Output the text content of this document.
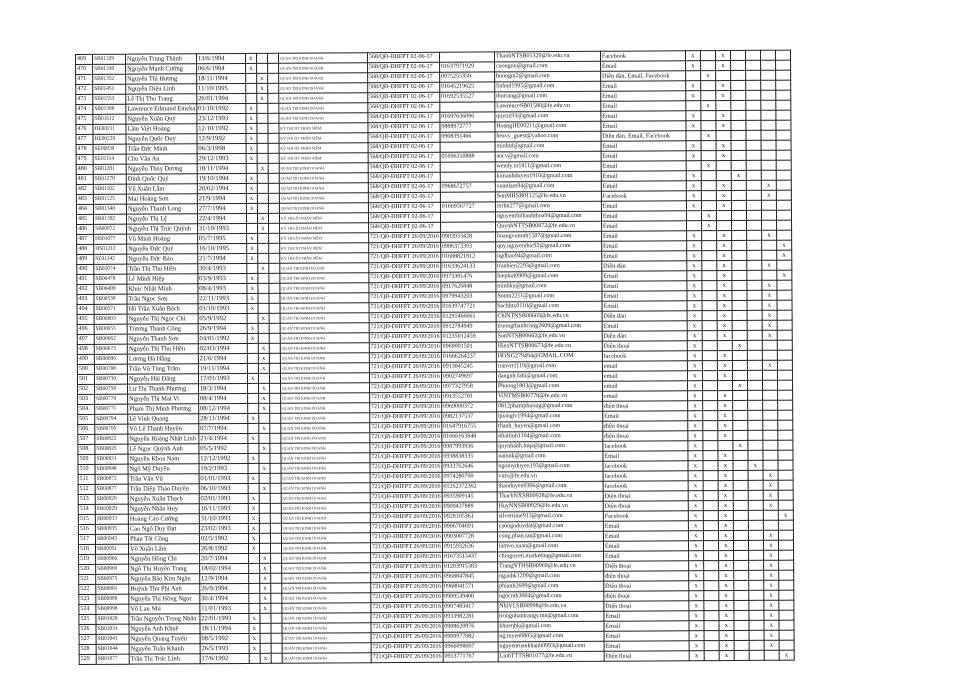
469	SB01329	Nguyễn Trung Thành	13/6/1994	x			QUẢN TRỊ KINH DOANH	568/QĐ-ĐHFPT 02-06-17		ThanhNTSB01329@fe.edu.vn	Facebook	x		x				
470	SB01330	Nguyễn Mạnh Cường	06/6/1994	x			QUẢN TRỊ KINH DOANH	568/QĐ-ĐHFPT 02-06-17	01637971929	cuongnn@gmail.com	Email	x		x				
471	SB01352	Nguyễn Thị Hương	18/11/1994		x		QUẢN TRỊ KINH DOANH	568/QĐ-ĐHFPT 02-06-17	0975255350	huongnt2@gmail.com	Diễn đàn, Email, Facebook		x					
472	SB01451	Nguyễn Diệu Linh	11/10/1995		x		QUẢN TRỊ KINH DOANH	568/QĐ-ĐHFPT 02-06-17	01645219625	linhnd1995@gmail.com	Email	x		x				
473	SB01553	Lê Thị Thu Trang	26/01/1994		x		QUẢN TRỊ KINH DOANH	568/QĐ-ĐHFPT 02-06-17	01692535527	thutrang@gmail.com	Email	x		x				
474	SB01580	Lawrence Edmund Emeka	01/10/1992	x			QUẢN TRỊ KINH DOANH	568/QĐ-ĐHFPT 02-06-17		LawrenceSB01580@fe.edu.vn	Email		x					
475	SB01612	Nguyễn Xuân Quý	23/12/1993	x			QUẢN TRỊ KINH DOANH	568/QĐ-ĐHFPT 02-06-17	01697636096	quynx93@gmail.com	Email	x		x				
476	HE00211	Lâm Việt Hoàng	12/10/1992	x			KỸ THUẬT PHẦN MỀM	568/QĐ-ĐHFPT 02-06-17	0888972777	HoangHE00211@gmail.com	Email	x		x				
477	HE00228	Nguyễn Quốc Duy	12/9/1992	x			KỸ THUẬT PHẦN MỀM	568/QĐ-ĐHFPT 02-06-17	0908391466	heavy_guest@yahoo.com	Diễn đàn, Email, Facebook		x					
478	SE00939	Trần Đức Minh	06/3/1998	x			KỸ THUẬT PHẦN MỀM	568/QĐ-ĐHFPT 02-06-17		minhtd@gmail.com	Email	x		x				
479	SE01114	Chu Văn An	29/12/1993	x			KỸ THUẬT PHẦN MỀM	568/QĐ-ĐHFPT 02-06-17	01696310888	ancv@gmail.com	Email	x		x				
480	SB01281	Nguyễn Thùy Dương	18/11/1994		x		QUẢN TRỊ KINH DOANH	568/QĐ-ĐHFPT 02-06-17		wendy.nt1811@gmail.com	Email		x					
481	SB01270	Đinh Quốc Quý	19/10/1994	x			QUẢN TRỊ KINH DOANH	568/QĐ-ĐHFPT 02-06-17		kimanhduyen1910@gmail.com	Email	x			x			
482	SB01102	Vũ Xuân Lâm	20/02/1994	x			QUẢN TRỊ KINH DOANH	568/QĐ-ĐHFPT 02-06-17	0968672757	xuanlam94@gmail.com	Email	x		x			x	
483	SB01125	Mai Hoàng Sơn	21/9/1994	x			QUẢN TRỊ KINH DOANH	568/QĐ-ĐHFPT 02-06-17		SonMHSB01125@fe.edu.vn	Facebook	x		x			x	
484	SB01340	Nguyễn Thanh Long	27/7/1994	x			QUẢN TRỊ KINH DOANH	568/QĐ-ĐHFPT 02-06-17	01669567727	mrlnt277@gmail.com	Email	x		x				
485	SB01392	Nguyễn Thị Lệ	22/4/1994		x		KỸ THUẬT PHẦN MỀM	568/QĐ-ĐHFPT 02-06-17		nguyenthithanhthoa94@gmail.com	Email		x					
486	SB00872	Nguyễn Thị Trúc Quỳnh	31/10/1993		x		KỸ THUẬT PHẦN MỀM	568/QĐ-ĐHFPT 02-06-17		QuynhNTTSB00872@fe.edu.vn	Email		x					
487	HS01077	Vũ Minh Hoàng	05/7/1995	x			KỸ THUẬT PHẦN MỀM	721/QĐ-ĐHFPT 26/09/2016	0903933428	hoangvumnh1507@gmail.com	Email	x		x			x	
488	HS01212	Nguyễn Đức Quý	16/10/1995	x			KỸ THUẬT PHẦN MỀM	721/QĐ-ĐHFPT 26/09/2016	0906373393	quy.nguyenduc92@gmail.com	Email	x		x				x
489	SE01142	Nguyễn Đức Bảo	21/7/1994	x			KỸ THUẬT PHẦN MỀM	721/QĐ-ĐHFPT 26/09/2016	01688821812	ngdbao94@gmail.com	Email	x		x				x
490	SB01074	Trần Thị Thu Hiền	30/4/1993		x		QUẢN TRỊ KINH DOANH	721/QĐ-ĐHFPT 26/09/2016	01633624133	tranhien2293@gmail.com	Diễn đàn	x		x			x	
491	SB00478	Lê Minh Hiệp	03/9/1993	x			QUẢN TRỊ KINH DOANH	721/QĐ-ĐHFPT 26/09/2016	0973381476	hiephnl0909@gmail.com	Email	x		x				x
492	SB00499	Khúc Nhật Minh	08/4/1993	x			QUẢN TRỊ KINH DOANH	721/QĐ-ĐHFPT 26/09/2016	0917626848	minhkn@gmail.com	Email	x		x			x	
493	SB00538	Trần Ngọc Sơn	22/11/1993	x			QUẢN TRỊ KINH DOANH	721/QĐ-ĐHFPT 26/09/2016	0979943203	Sontn2211@gmail.com	Email	x		x			x	
494	SB00571	Hồ Trần Xuân Bách	01/10/1993	x			QUẢN TRỊ KINH DOANH	721/QĐ-ĐHFPT 26/09/2016	01639747721	bachhtx0110@gmail.com	Email	x		x			x	
495	SB00603	Nguyễn Thị Ngọc Chi	05/9/1992		x		QUẢN TRỊ KINH DOANH	721/QĐ-ĐHFPT 26/09/2016	01291466061	ChiNTNSB00603@fe.edu.vn	Diễn đàn	x		x			x	
496	SB00653	Trương Thanh Công	26/9/1994	x			QUẢN TRỊ KINH DOANH	721/QĐ-ĐHFPT 26/09/2016	0912784949	truongthanhcong2609@gmail.com	Email	x		x			x	
497	SB00662	Nguyễn Thanh Sơn	04/01/1992	x			QUẢN TRỊ KINH DOANH	721/QĐ-ĐHFPT 26/09/2016	01235012459	SonNTSB00662@fe.edu.vn	Diễn đàn	x		x			x	
498	SB00673	Nguyễn Thị Thu Hiền	02/03/1994		x		QUẢN TRỊ KINH DOANH	721/QĐ-ĐHFPT 26/09/2016	0969001501	HienNTTSB00673@fe.edu.vn	Điện thoại	x			x			
499	SB00696	Lương Hà Hằng	21/6/1994		x		QUẢN TRỊ KINH DOANH	721/QĐ-ĐHFPT 26/09/2016	01666264237	HONG279494@GMAIL.COM	facebook	x		x				
500	SB00708	Trần Vũ Tùng Trâm	19/11/1994		x		QUẢN TRỊ KINH DOANH	721/QĐ-ĐHFPT 26/09/2016	0913845245	tranvtt1119@gmail.com	email	x		x			x	
501	SB00730	Nguyễn Hải Đăng	17/01/1993	x			QUẢN TRỊ KINH DOANH	721/QĐ-ĐHFPT 26/09/2016	0902749697	dangnh.fahi@gmail.com	email	x		x				
502	SB00758	Lư Thị Thanh Phương	18/3/1994		x		QUẢN TRỊ KINH DOANH	721/QĐ-ĐHFPT 26/09/2016	0977327958	Phuong1803@gmail.com	email	x			x			
503	SB00770	Nguyễn Thị Mai Vi	08/4/1994		x		QUẢN TRỊ KINH DOANH	721/QĐ-ĐHFPT 26/09/2016	0913552781	ViNTMSB00770@fe.edu.vn	email	x		x				
504	SB00771	Phạm Thị Minh Phương	08/12/1994		x		QUẢN TRỊ KINH DOANH	721/QĐ-ĐHFPT 26/09/2016	0969000372	0812phamphuong@gmail.com	điện thoại	x		x				
505	SB00794	Lê Vinh Quang	28/11/1994	x			QUẢN TRỊ KINH DOANH	721/QĐ-ĐHFPT 26/09/2016	0982137537	quanglv1994@gmail.com	Email	x		x				
506	SB00795	Võ Lê Thanh Huyền	07/7/1994		x		QUẢN TRỊ KINH DOANH	721/QĐ-ĐHFPT 26/09/2016	01647916755	thanh_huyen@gmail.com	điện thoại	x		x				
507	SB00822	Nguyễn Hoàng Nhật Linh	21/4/1994	x			QUẢN TRỊ KINH DOANH	721/QĐ-ĐHFPT 26/09/2016	01666163848	nhatlinh1104@gmail.com	điện thoại	x		x				
508	SB00825	Lê Ngọc Quỳnh Anh	05/5/1992		x		QUẢN TRỊ KINH DOANH	721/QĐ-ĐHFPT 26/09/2016	0987993936	quynhanh.lnqa@gmail.com	facebook	x			x			
509	SB00831	Nguyễn Khoa Nam	12/12/1992	x			QUẢN TRỊ KINH DOANH	721/QĐ-ĐHFPT 26/09/2016	0938838335	namnk@gmail.com	Email	x		x				
510	SB00848	Ngô Mỹ Duyên	19/2/1993		x		QUẢN TRỊ KINH DOANH	721/QĐ-ĐHFPT 26/09/2016	0933762646	ngomyduyen193@gmail.com	facebook	x		x		x		
511	SB00872	Trần Văn Vũ	01/01/1993	x			QUẢN TRỊ KINH DOANH	721/QĐ-ĐHFPT 26/09/2016	0974280700	vutv@fe.edu.vn	facebook	x		x			x	
512	SB00877	Trần Diệp Thảo Duyên	06/10/1993		x		QUẢN TRỊ KINH DOANH	721/QĐ-ĐHFPT 26/09/2016	01262372362	thaoduyen0306@gmail.com	facebook	x		x			x	
513	SB00928	Nguyễn Xuân Thạch	02/01/1993	x			QUẢN TRỊ KINH DOANH	721/QĐ-ĐHFPT 26/09/2016	0935909145	ThachNXSB00928@fe.edu.vn	Điện thoại	x		x			x	
514	SB00929	Nguyễn Nhân Huy	16/11/1993	x			QUẢN TRỊ KINH DOANH	721/QĐ-ĐHFPT 26/09/2016	0909437889	HuyNNSB00929@fe.edu.vn	Điện thoại	x		x			x	
515	SB00933	Hoàng Cao Cường	31/10/1993	x			QUẢN TRỊ KINH DOANH	721/QĐ-ĐHFPT 26/09/2016	0928105361	silvertime913@gmail.com	Facebook	x		x				x
516	SB00935	Cao Ngô Duy Đạt	23/02/1993	x			QUẢN TRỊ KINH DOANH	721/QĐ-ĐHFPT 26/09/2016	0906704691	caongoduydat@gmail.com	Email	x		x				
517	SB00943	Phan Tất Công	02/5/1992	x			QUẢN TRỊ KINH DOANH	721/QĐ-ĐHFPT 26/09/2016	0903007728	cong.phan.tat@gmail.com	Email	x		x			x	
518	SB00951	Võ Xuân Lâm	26/8/1992	x			QUẢN TRỊ KINH DOANH	721/QĐ-ĐHFPT 26/09/2016	0915932636	lamvo.xuan@gmail.com	Email	x		x			x	
519	SB00966	Nguyễn Hồng Chi	20/7/1994		x		QUẢN TRỊ KINH DOANH	721/QĐ-ĐHFPT 26/09/2016	01673515437	chinguyen.marketing@gmail.com	Email	x		x			x	
520	SB00969	Ngô Thị Huyền Trang	18/02/1994		x		QUẢN TRỊ KINH DOANH	721/QĐ-ĐHFPT 26/09/2016	01203915383	TrangNTHSB00969@fe.edu.vn	Điện thoại	x		x			x	
521	SB00975	Nguyễn Bảo Kim Ngân	12/9/1994		x		QUẢN TRỊ KINH DOANH	721/QĐ-ĐHFPT 26/09/2016	0968847845	nganbk1209@gmail.com	điện thoại	x		x			x	
522	SB00981	Huỳnh Thu Phi Anh	26/9/1994		x		QUẢN TRỊ KINH DOANH	721/QĐ-ĐHFPT 26/09/2016	0968041571	phianh2609@gmail.com	Điện thoại	x		x			x	
523	SB00988	Nguyễn Thị Hồng Ngọc	30/4/1994		x		QUẢN TRỊ KINH DOANH	721/QĐ-ĐHFPT 26/09/2016	0909539400	ngocnth3004@gmail.com	điện thoại	x		x			x	
524	SB00998	Võ Lan Nhi	11/01/1993		x		QUẢN TRỊ KINH DOANH	721/QĐ-ĐHFPT 26/09/2016	0907483417	NhiVLSB00998@fe.edu.vn	Điện thoại	x		x			x	
525	SB01028	Trần Nguyễn Trọng Nhân	22/01/1993	x			QUẢN TRỊ KINH DOANH	721/QĐ-ĐHFPT 26/09/2016	0933982281	trongnhantrangs.tnn@gmail.com	Email	x		x			x	
526	SB01031	Nguyễn Anh Khuê	18/11/1994	x			QUẢN TRỊ KINH DOANH	721/QĐ-ĐHFPT 26/09/2016	0908620976	khuenbk@gmail.com	Email	x		x			x	
527	SB01041	Nguyễn Quang Tuyến	08/5/1992	x			QUẢN TRỊ KINH DOANH	721/QĐ-ĐHFPT 26/09/2016	0909977082	ng.tuyen0805@gmail.com	Email	x		x			x	
528	SB01044	Nguyễn Tuấn Khanh	26/5/1993	x			QUẢN TRỊ KINH DOANH	721/QĐ-ĐHFPT 26/09/2016	0966098007	nguyentuankhanh0993@gmail.com	Email	x		x			x	
529	SB01077	Trần Thị Trúc Linh	17/6/1992		x		QUẢN TRỊ KINH DOANH	721/QĐ-ĐHFPT 26/09/2016	0913771767	LinhTTTSB01077@fe.edu.vn	Điện thoại	x		x				x
